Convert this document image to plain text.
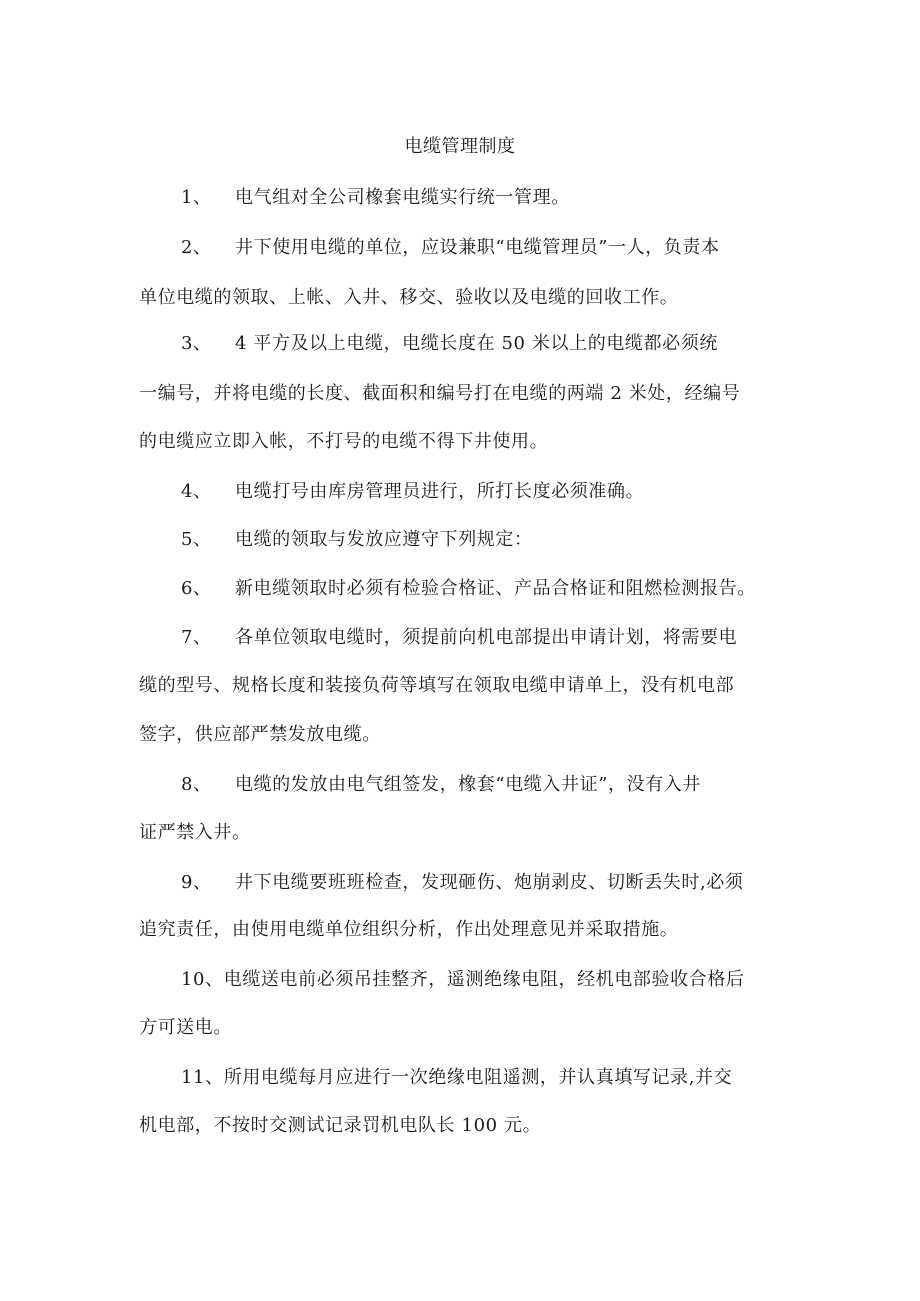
电缆管理制度
1、 电气组对全公司橡套电缆实行统一管理。
2、 井下使用电缆的单位，应设兼职“电缆管理员”一人，负责本
单位电缆的领取、上帐、入井、移交、验收以及电缆的回收工作。
3、 4 平方及以上电缆，电缆长度在 50 米以上的电缆都必须统
一编号，并将电缆的长度、截面积和编号打在电缆的两端 2 米处，经编号
的电缆应立即入帐，不打号的电缆不得下井使用。
4、 电缆打号由库房管理员进行，所打长度必须准确。
5、 电缆的领取与发放应遵守下列规定：
6、 新电缆领取时必须有检验合格证、产品合格证和阻燃检测报告。
7、 各单位领取电缆时，须提前向机电部提出申请计划，将需要电
缆的型号、规格长度和装接负荷等填写在领取电缆申请单上，没有机电部
签字，供应部严禁发放电缆。
8、 电缆的发放由电气组签发，橡套“电缆入井证”，没有入井
证严禁入井。
9、 井下电缆要班班检查，发现砸伤、炮崩剥皮、切断丢失时,必须
追究责任，由使用电缆单位组织分析，作出处理意见并采取措施。
10、电缆送电前必须吊挂整齐，遥测绝缘电阻，经机电部验收合格后
方可送电。
11、所用电缆每月应进行一次绝缘电阻遥测，并认真填写记录,并交
机电部，不按时交测试记录罚机电队长 100 元。
